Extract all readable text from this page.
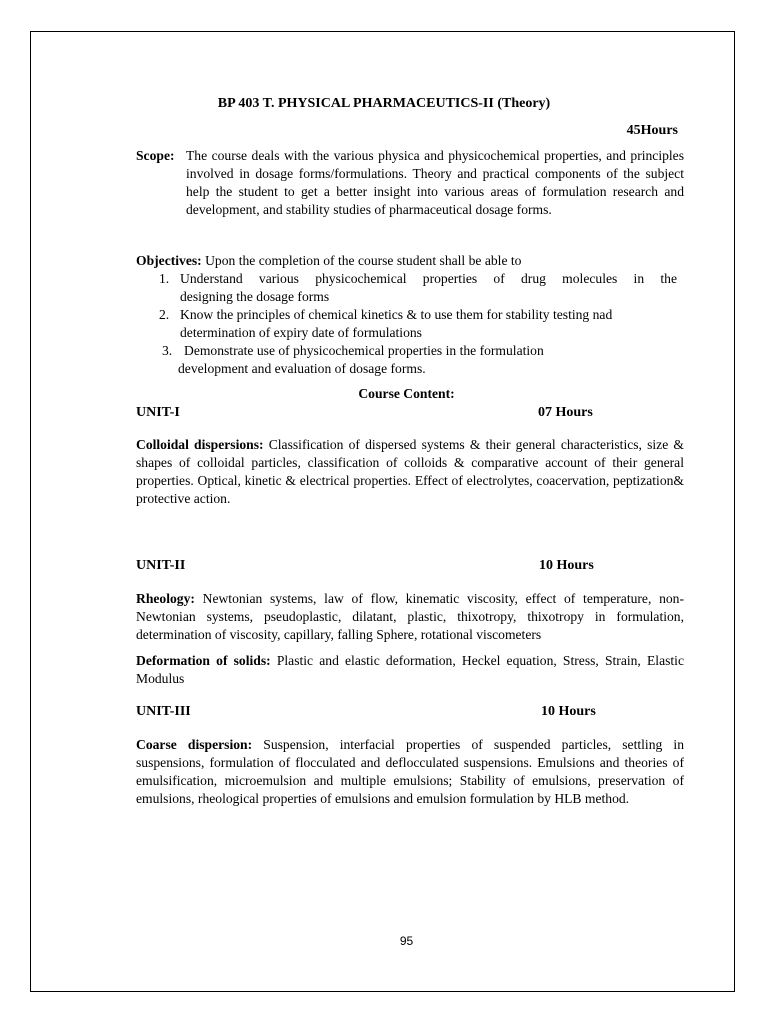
BP 403 T. PHYSICAL PHARMACEUTICS-II (Theory)
45Hours
Scope: The course deals with the various physica and physicochemical properties, and principles involved in dosage forms/formulations. Theory and practical components of the subject help the student to get a better insight into various areas of formulation research and development, and stability studies of pharmaceutical dosage forms.
Objectives: Upon the completion of the course student shall be able to
1. Understand various physicochemical properties of drug molecules in the
designing the dosage forms
2. Know the principles of chemical kinetics & to use them for stability testing nad
determination of expiry date of formulations
3. Demonstrate use of physicochemical properties in the formulation
development and evaluation of dosage forms.
Course Content:
UNIT-I	07 Hours
Colloidal dispersions: Classification of dispersed systems & their general characteristics, size & shapes of colloidal particles, classification of colloids & comparative account of their general properties. Optical, kinetic & electrical properties. Effect of electrolytes, coacervation, peptization& protective action.
UNIT-II	10 Hours
Rheology: Newtonian systems, law of flow, kinematic viscosity, effect of temperature, non-Newtonian systems, pseudoplastic, dilatant, plastic, thixotropy, thixotropy in formulation, determination of viscosity, capillary, falling Sphere, rotational viscometers
Deformation of solids: Plastic and elastic deformation, Heckel equation, Stress, Strain, Elastic Modulus
UNIT-III	10 Hours
Coarse dispersion: Suspension, interfacial properties of suspended particles, settling in suspensions, formulation of flocculated and deflocculated suspensions. Emulsions and theories of emulsification, microemulsion and multiple emulsions; Stability of emulsions, preservation of emulsions, rheological properties of emulsions and emulsion formulation by HLB method.
95
